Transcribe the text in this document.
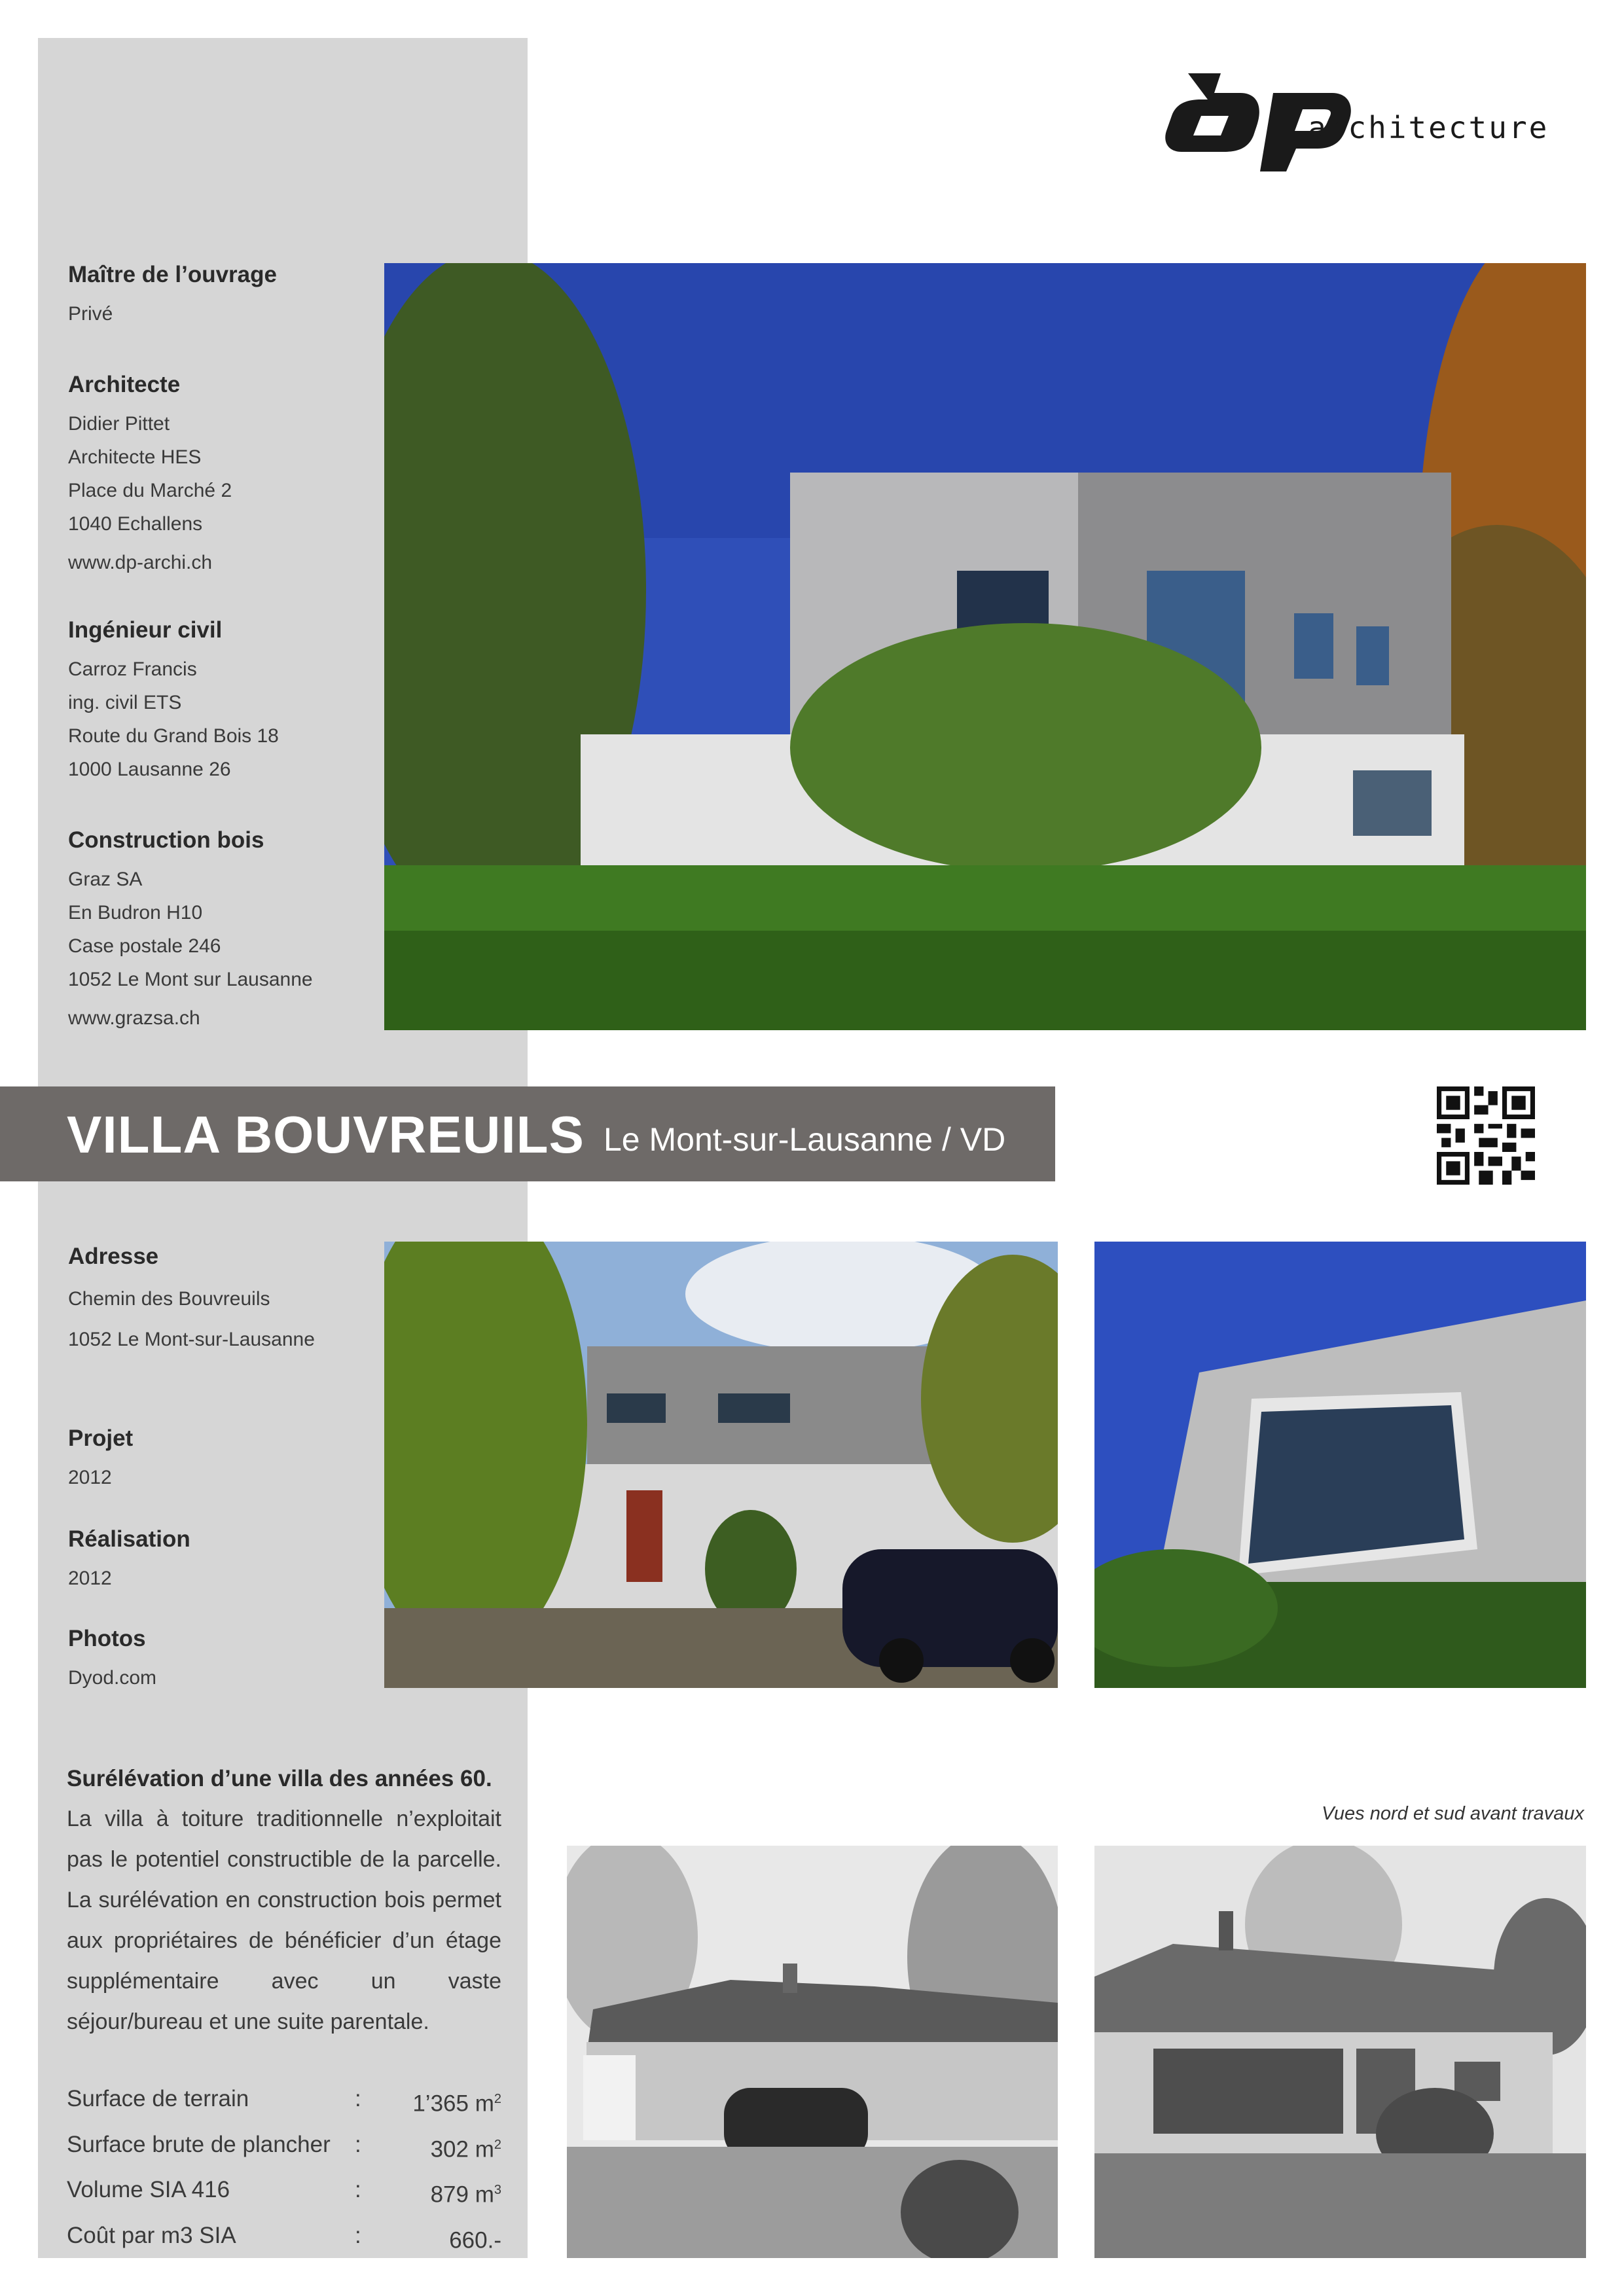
architecture
Maître de l’ouvrage
Privé
Architecte
Didier Pittet
Architecte HES
Place du Marché 2
1040 Echallens
www.dp-archi.ch
Ingénieur civil
Carroz Francis
ing. civil ETS
Route du Grand Bois 18
1000 Lausanne 26
Construction bois
Graz SA
En Budron H10
Case postale 246
1052 Le Mont sur Lausanne
www.grazsa.ch
VILLA BOUVREUILS Le Mont-sur-Lausanne / VD
Adresse
Chemin des Bouvreuils
1052 Le Mont-sur-Lausanne
Projet
2012
Réalisation
2012
Photos
Dyod.com
Surélévation d’une villa des années 60.

La villa à toiture traditionnelle n’exploitait pas le potentiel constructible de la parcelle. La surélévation en construction bois permet aux propriétaires de bénéficier d’un étage supplémentaire avec un vaste séjour/bureau et une suite parentale.

Surface de terrain	:	1’365 $m^2$
Surface brute de plancher	:	302 $m^2$
Volume SIA 416	:	879 $m^3$
Coût par m3 SIA	:	660.-
Vues nord et sud avant travaux
